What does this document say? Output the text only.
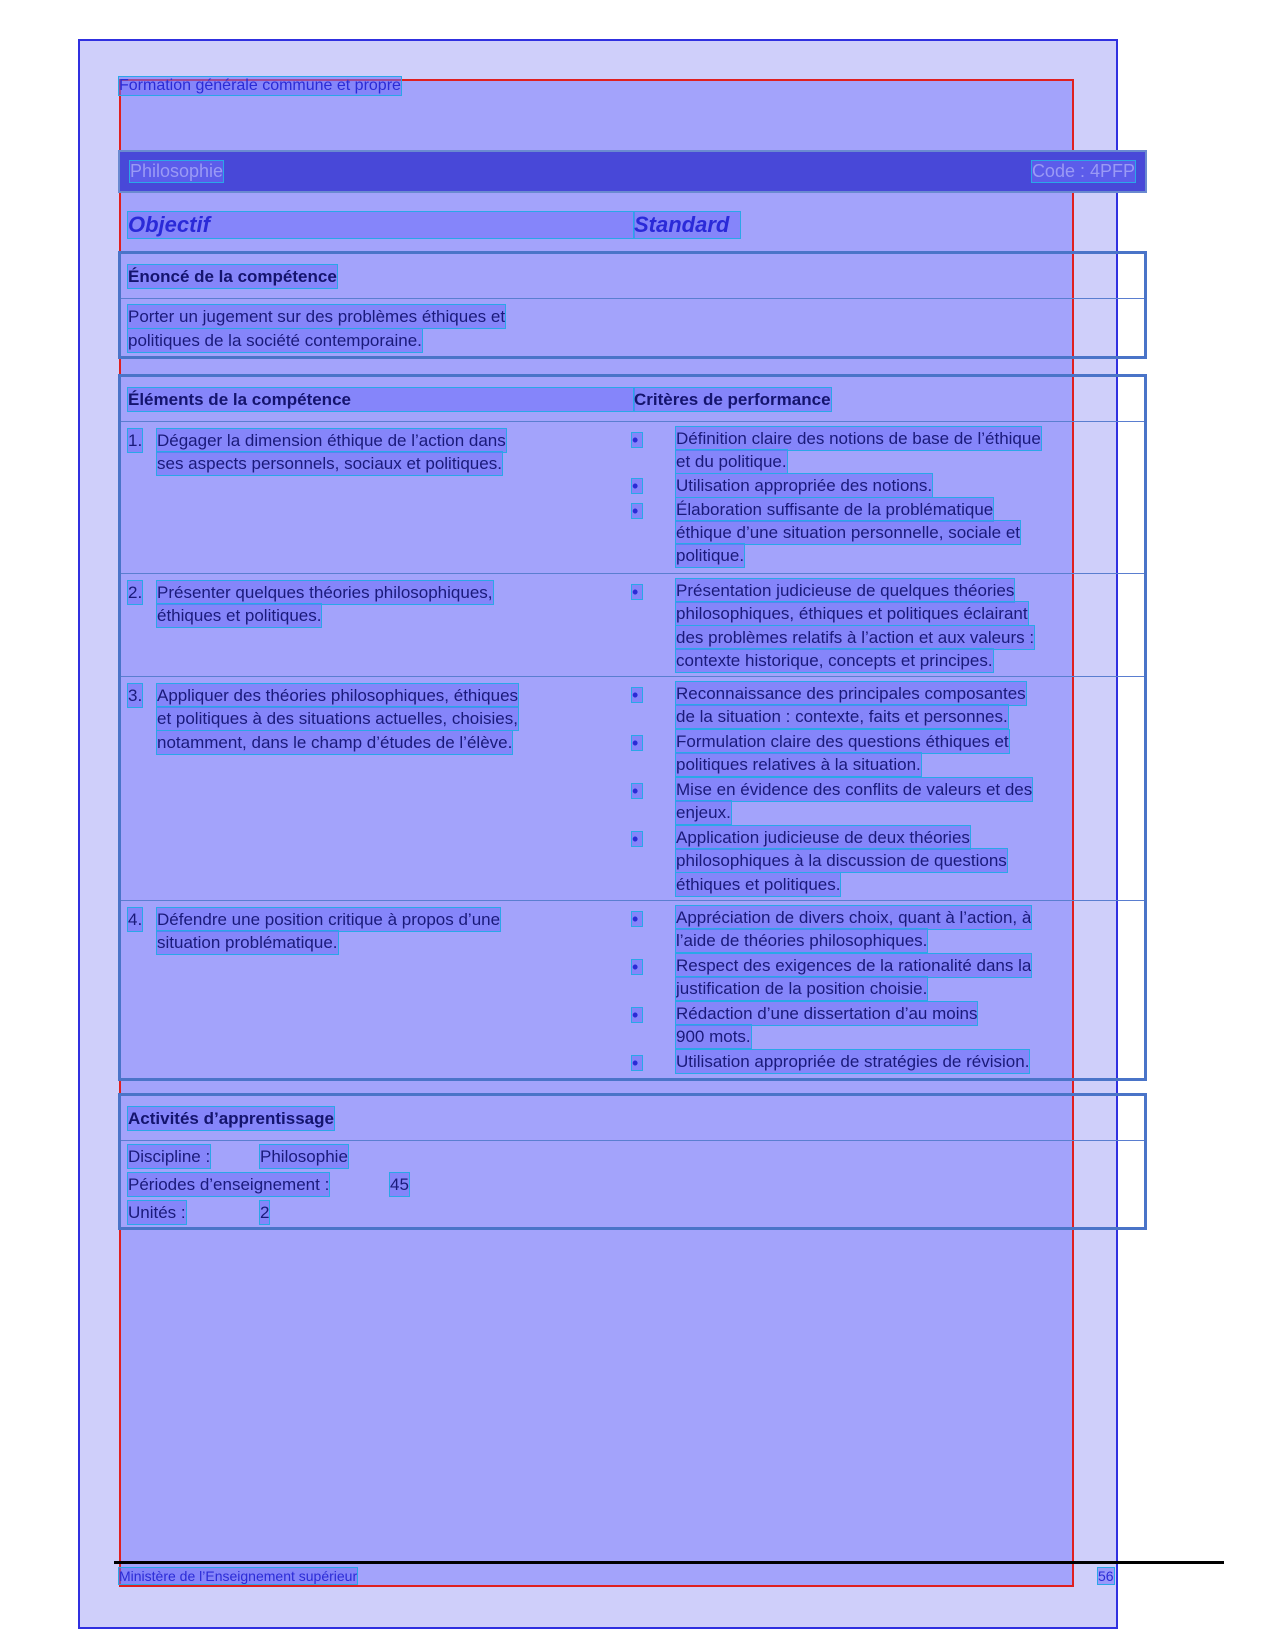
Formation générale commune et propre
Philosophie	Code : 4PFP
Objectif	Standard
Énoncé de la compétence
Porter un jugement sur des problèmes éthiques et
politiques de la société contemporaine.
Éléments de la compétence	Critères de performance
1. Dégager la dimension éthique de l’action dans
ses aspects personnels, sociaux et politiques.
• Définition claire des notions de base de l’éthique
et du politique.
• Utilisation appropriée des notions.
• Élaboration suffisante de la problématique
éthique d’une situation personnelle, sociale et
politique.
2. Présenter quelques théories philosophiques,
éthiques et politiques.
• Présentation judicieuse de quelques théories
philosophiques, éthiques et politiques éclairant
des problèmes relatifs à l’action et aux valeurs :
contexte historique, concepts et principes.
3. Appliquer des théories philosophiques, éthiques
et politiques à des situations actuelles, choisies,
notamment, dans le champ d’études de l’élève.
• Reconnaissance des principales composantes
de la situation : contexte, faits et personnes.
• Formulation claire des questions éthiques et
politiques relatives à la situation.
• Mise en évidence des conflits de valeurs et des
enjeux.
• Application judicieuse de deux théories
philosophiques à la discussion de questions
éthiques et politiques.
4. Défendre une position critique à propos d’une
situation problématique.
• Appréciation de divers choix, quant à l’action, à
l’aide de théories philosophiques.
• Respect des exigences de la rationalité dans la
justification de la position choisie.
• Rédaction d’une dissertation d’au moins
900 mots.
• Utilisation appropriée de stratégies de révision.
Activités d’apprentissage
Discipline :	Philosophie
Périodes d’enseignement :	45
Unités :	2
Ministère de l’Enseignement supérieur	56
